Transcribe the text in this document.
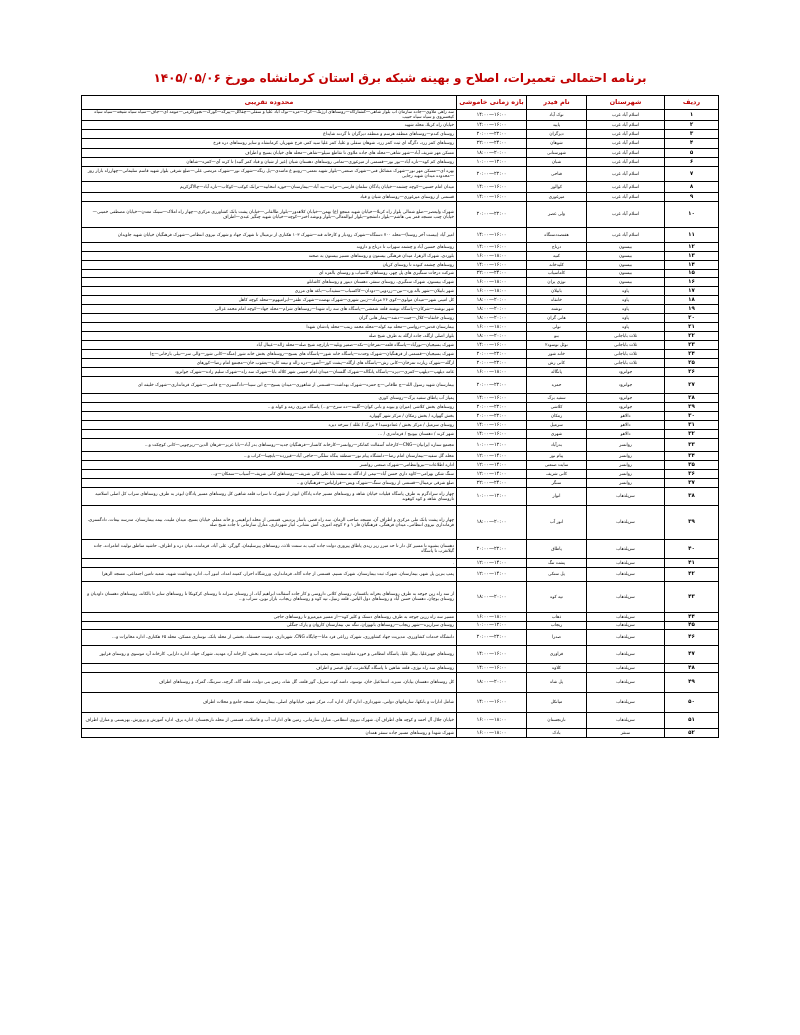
برنامه احتمالی تعمیرات، اصلاح و بهینه شبکه برق استان کرمانشاه مورخ ۱۴۰۵/۰۵/۰۶
ردیف	شهرستان	نام فیدر	بازه زمانی خاموشی	محدوده تقریبی
۱	اسلام آباد غرب	نوک آباد	۱۴:۰۰—۱۶:۰۰	سه راهی ملاوی—جاده سازمان آب بلوار شاهی—کشتارگاه—روستاهای ارژنگ—گرگ—مزه—نوک آباد علیا و سفلی—چقاکل—پیرگه—گورک—نجوراگرمی—مومه ای—جاف—سیاه سیاه شیخه—سیاه سیاه کیخسروی و سیاه سیاه حبیب
۲	اسلام آباد غرب	پایید	۱۴:۰۰—۱۶:۰۰	خیابان راه کربلا، محله شهید
۳	اسلام آباد غرب	دیزگران	۲۰:۰۰—۲۲:۰۰	روستای کندم—روستاهای منطقه هرسم و منطقه دیزگران تا گردنه شایداغ
۴	اسلام آباد غرب	شوهان	۲۲:۰۰—۲۴:۰۰	روستاهای کمر زرد، دگرگه ای ثبت کمر زرد، شوهان سفلی و علیا، کمر علیا سید کمر، فرخ شهریار، کرمانشاه و سایر روستاهای دره فرخ
۵	اسلام آباد غرب	شهرستانی	۱۸:۰۰—۲۰:۰۰	مسکن مهر شریف آباد—شهر شاهی—محله های جاده ملاوی تا تقاطع سیلو—شاهی—محله های خیابان بسیج و اطراف
۶	اسلام آباد غرب	شبان	۱۰:۰۰—۱۲:۰۰	روستاهای کم کوه—نازه آباد—بور بور—قسمتی از میرغوزی—تمامی روستاهای دهستان شبان (غیر از شبان و قباد کمر گنبد) تا کرته آی—کمره—شاهان
۷	اسلام آباد غرب	فتاحی	۲۰:۰۰—۲۲:۰۰	بهره ای—مسکن مهر نور—شهرک مشاغل فنی—شهرک صنعتی—بلوار شهید نعمتی—رونیو غ مامندی—پل رنگه—شهرک نور—شهرک مرتضی علی—ضلع شرقی بلوار شهید قاسم سلیمانی—چهارراه بازار روز—محدوده میدان شهید رجایی
۸	اسلام آباد غرب	کوالور	۱۴:۰۰—۱۶:۰۰	میدان امام حسین—کوچه چشمه—خیابان پادگان سلمان فارسی—ترانه—بید آباد—بیمارستان—حوزه انتخابیه—ترانک کوکب—کوکاب—نازه آباد—چالاگرکریم
۹	اسلام آباد غرب	میرغوزی	۱۴:۰۰—۱۶:۰۰	قسمتی از روستای میرغوزی—روستاهای شبان و قباد
۱۰	اسلام آباد غرب	ولی عصر	۲۰:۰۰—۲۲:۰۰	شهرک ولیعصر—ضلع شمالی بلوار راه کربلا—خیابان شهید منتجع (ع) بهمن—خیابان کلاهدوز—بلوار طالقانی—خیابان پشت بانک کشاورزی مرکزی—چهار راه املاک—سینک معدن—خیابان مصطفی خمینی—خیابان چنب مسجد قمر بنی هاشم—بلوار دانشجو—بلوار ابوالمعالی—بلوار ونوشه اختر—کوچه—خیابان شهید چنگیز عبدی—اطراف
۱۱	اسلام آباد غرب	هفتصددستگاه	۱۴:۰۰—۱۶:۰۰	امیر آباد (بیست آخر روستا)—محله ۷۰۰ دستگاه—شهرک رودبار و کارخانه قند—شهرک ۱۰۳ هکتاری از ترمینال تا شهرک جهاد و شهرک نیروی انتظامی—شهرک فرهنگیان خیابان شهید جاویدان
۱۲	بیستون	درناج	۱۴:۰۰—۱۶:۰۰	روستاهای حسین آباد و چشمه سهراب تا درناج و داروند
۱۳	بیستون	کنیه	۱۶:۰۰—۱۸:۰۰	بلوردی، شهرک الزهرا، میدان فرهنگی بیستون و روستاهای مسیر بیستون به صحنه
۱۴	بیستون	کلیدخانه	۱۴:۰۰—۱۶:۰۰	روستاهای چشمه کبوده تا روستای کریان
۱۵	بیستون	کاماسیاب	۲۲:۰۰—۲۴:۰۰	شرکت درجات سنگبری های پل چهر، روستاهای کاسیاب و روستای بالعزه ای
۱۶	بیستون	نوژی یران	۱۶:۰۰—۱۸:۰۰	شهرک بیستون، شهرک سنگبری، روستای ستقر، دهستان دینور و روستاهای کاشانلو
۱۷	پاوه	بابیلان	۱۶:۰۰—۱۸:۰۰	شهر بابیلان—شهر باله ورد—نین—زردویی—دودان—کاکسباب—سفیدآب—باغه های مرزی
۱۸	پاوه	خانقاه	۱۸:۰۰—۲۰:۰۰	کل امینی شهر—میدان مولوی—کوی ۲۶ مرداد—ژنین شهری—شهرک نهضت—شهرک ظفر—ابرامیهوم—محله کوچه کاهل
۱۹	پاوه	نوشته	۱۸:۰۰—۲۰:۰۰	شهر نوشته—شرکان—پاسگاه نوشته قلعه شمشی—پاسگاه های سه راه شهدا—روستاهای شرام—محله جهاد—کوچه امام محمد غزالی
۲۰	پاوه	هانی گران	۱۸:۰۰—۲۰:۰۰	روستای خانقاه—کلال—جنت—دشه—پیماز هانی گران
۲۱	پاوه	نولی	۱۶:۰۰—۱۸:۰۰	بیمارستان قدس—درواسی—محله نیه کوله—محله محمد زینب—محله پادشان شهدا
۲۲	ثلاث باباجانی	ببو	۱۸:۰۰—۲۰:۰۰	بلوار اصلی ازگله، جاده ازگله به طرف شیخ صله
۲۳	ثلاث باباجانی	نوئل نوسود۲	۱۴:۰۰—۱۶:۰۰	شهرک بسیجیان—نورآباد—پاسگاه قلعه—تمرخان—نکه—ضمیر وبلیه—بازارچه شیخ صله—محله ژاله—عیتال آباد
۲۴	ثلاث باباجانی	خانه شور	۲۰:۰۰—۲۲:۰۰	شهرک بسیجیان—قسمتی از فرهنگیان—شهرک وحدت—پاسگاه خانه شور—پاسگاه های بسیج—روستاهای بخش خانه شور (منگه—کانی شور—والی سر—نیلی بازخانی—ج)
۲۵	ثلاث باباجانی	کانی رش	۲۰:۰۰—۲۲:۰۰	ازگله—شهرک زیارت تمرخان—کانی رش—پاسگاه های ازگله—پشت کوز—آشور—دره زاله و نیمه کاره—یعقوب خان—مجتمع امام رضا—کورهای
۲۶	جوانرود	پانگاله	۱۶:۰۰—۱۸:۰۰	غامه دیلهپ—دیلهپ—کمری—دیزه—پاسگاه پانگاله—شهرک گلستان—میدان امام خمینی شهر کلاله بابا—شهرک سه راه—شهرک سلیم زاده—شهرک جوانرود
۲۷	جوانرود	حمزه	۲۰:۰۰—۲۲:۰۰	بیمارستان شهید رسول الله—چ طاقانی—چ حمزه—شهرک بهداشت—قسمتی از شاهوری—میدان بسیج—چ ابن سینا—دادگستری—چ قاضی—شهرک فرمانداری—شهرک خلیفه ای
۲۸	جوانرود	سفید برگ	۱۴:۰۰—۱۶:۰۰	پمپاژ آب پاطاق سفید برگ—روستای کوری
۲۹	جوانرود	کلاشی	۲۰:۰۰—۲۲:۰۰	روستاهای بخش کلاشی (میران و بیوند و بانی کوان—گلینه—ده سرخ—و...) پاسگاه مرزی رمه و کوله و...
۳۰	دالاهو	زمکان	۲۰:۰۰—۲۲:۰۰	بخش گهواره / بخش زمکان / مرکز شهر گهواره
۳۱	دالاهو	سرمیل	۱۴:۰۰—۱۶:۰۰	روستای سرمیل / مرکز بخش / عمادوسیدا ۳ بزرگ / علله / سرخه دیزه
۳۲	دالاهو	شهری	۱۴:۰۰—۱۶:۰۰	شهر کرند / دهستان بیونیج / فرماندری / ...
۳۳	روانسر	بدرآباد	۱۰:۰۰—۱۲:۰۰	مجتمع ستاره ایرانیان—CNG—کارخانه آسفالت کمانکر—روانسر—کارخانه کانسار—فرهنگیان جدید—روستاهای بدر آباد—بابا عزیز—فرهان الدین—زیرچوبی—کانی کوچکت و...
۳۴	روانسر	پیام نور	۱۲:۰۰—۱۴:۰۰	محله گل سفید—بیمارستان امام رضا—دانشگاه پیام نور—منطقه بنگاه سلگی—حاجی آباد—قیرزده—بابچینا—کراب و...
۳۵	روانسر	سایت صنعتی	۱۲:۰۰—۱۴:۰۰	اداره اطلاعات—نیروانتظامی—شهرک صنعتی روانسر
۳۶	روانسر	کانی شریف	۱۲:۰۰—۱۴:۰۰	سنگ شکن بهرامی—کاوه داری حسن آباد—نیمی از ادگله به سمت بابا علی کانی شریف—روستاهای کانی شریف—آسیاب—سمکان—و...
۳۷	روانسر	سنگر	۲۲:۰۰—۲۴:۰۰	ضلع شرقی ترمینال—قسمتی از روستای سنگ—شهرک ویس—قرارلباس—فرهنگیان و...
۳۸	سرپلذهاب	انوار	۱۰:۰۰—۱۲:۰۰	چهار راه سرادگرم به طرف پاسگاه قبلیات خیابان شاهد و روستاهای مسیر جاده پادگان ابوذر از شهرک تا سراب قلعه شاهین کل روستاهای مسیر پادگان ابوذر به طرف روستاهای سراب کل اصلی اسلامیه تاروستای شاهد و کوه کوهوند
۳۹	سرپلذهاب	انور آب	۱۸:۰۰—۲۰:۰۰	چهار راه پشت بانک ملی مرکزی و اطراف آن، مسجد صاحب الزمان، سه راه قصر، باسار پردیس، قسمتی از محله ابراهیمی و خانه معلم، خیابان بسیج، میدان ملیت، بیمه بیمارستان، مدرسه بیعات، دادگستری، فرمانداری نیروی انتظامی، میدان فرهنگی، فرهنگیان فاز ۱ و ۲ کوچه امیری، آتش نشانی، انبار شهرداری، منازل سازمانی تا جاده شیخ صله
۴۰	سرپلذهاب	پاطاق	۲۰:۰۰—۲۲:۰۰	دهستان بشیوه تا مسیر کل دار تا حد مبرز زیر زیدی پاطاق پیروزی دولت جاده کیپ به سمت ثلاث، روستاهای پیرسلیمان، گورگر، علی آباد، فرمانده، میان دره و اطراف، حاشیه مناطق تولیت امامزاده، جاده گیلانغرب تا پاسگاه
۴۱	سرپلذهاب	پشت تنگ	۱۲:۰۰—۱۴:۰۰	.
۴۲	سرپلذهاب	پل ستکی	۱۲:۰۰—۱۴:۰۰	پمپ بنزین پل شهر، بیمارستان، شهرک ثبت بیمارستان، شهرک نسیم، قسمتی از جاده آکاه، فرمانداری، ورزشگاه احرار، کمیته امداد، انبور آب، اداره بهداشت شهید، شعبه تامین اجتماعی، مسجد الزهرا
۴۳	سرپلذهاب	تپه کوه	۱۸:۰۰—۲۰:۰۰	از سه راه زین جوجه به طرف روستاهای بحرانه باغستان، روستای کلانی داروسی و کار جاده آسفالت ابراهیم آباد، از روستای سرانه تا روستای کرکونکا تا روستاهای سایر تا بالکانه، روستاهای دهستان داودیان و روستای بوچان، دهستان حسن آباد و روستاهای دول الیاس، قلعه زنبیل، تپه کوه و روستاهای ریجاب، بازار نوین، سراب و...
۴۴	سرپلذهاب	ذهاب	۱۶:۰۰—۱۸:۰۰	مسیر سه راه زرین جوجه به طرف روستاهای دستک و کلیر کوه—از مسیر میرمیرو تا روستاهای حاجی
۴۵	سرپلذهاب	ریجاب	۱۰:۰۰—۱۲:۰۰	روستای سراریزه—شهر ریجاب—روستاهای بانهوران، تنگه نم، بیمارستان کاروان و پارک جنگلی
۴۶	سرپلذهاب	صدرا	۲۰:۰۰—۲۲:۰۰	دانشگاه خدمات کشاورزی، مدیریت جهاد کشاورزی، شهرک زراعی فرد ماتا—چایگاه CNG، شهرداری، دوست حسنقاه، بخشی از محله بانک، نوسازی مسکن، محله ۶۵ هکتاری، اداره مخابرات و...
۴۷	سرپلذهاب	فراوری	۱۴:۰۰—۱۶:۰۰	روستاهای جهیرعلیا، بیکل علیا، پاسگاه انتظامی و حوزه مقاومت بسیج، پمپ آب و کمپ، شرکت سپاه، مدرسه بخش، کارخانه آرد مهدیه، شهرک جهاد، اداره دارایی، کارخانه آرد موسوی و روستای فرایوز
۴۸	سرپلذهاب	کلاوه	۱۴:۰۰—۱۶:۰۰	روستاهای سه راه نوژی، قلعه شاهین تا پاسگاه گیلانغرب، کهل قیصر و اطراف
۴۹	سرپلذهاب	پل شاه	۱۸:۰۰—۲۰:۰۰	کل روستاهای دهستان بیابان، سبزه، اسماعیل خان، نوسود، دامنه کوه، سرپل، گور قلعه، گل شاه، زمین بنی دولت، قلعه گاه، گرچه، سرتنگ، گمرک و روستاهای اطراف
۵۰	سرپلذهاب	میانکل	۱۴:۰۰—۱۶:۰۰	شامل ادارات و بانکها، سازمانهای دولتی، شهرداری، اداره گاز، اداره آب، مرکز شهر، خیابانهای اصلی، بیمارستان، مسجد جامع و محلات اطراف
۵۱	سرپلذهاب	نارنجستان	۱۶:۰۰—۱۸:۰۰	خیابان جلال آل احمد و کوچه های اطراف آن، شهرک نیروی انتظامی، منازل سازمانی، زمین های ادارات آب و فاضلاب، قسمتی از محله نارنجستان، اداره برق، اداره آموزش و پرورش، بهزیستی و منازل اطراف
۵۲	سنقر	بادک	۱۶:۰۰—۱۸:۰۰	شهرک شهدا و روستاهای مسیر جاده سنقر همدان
